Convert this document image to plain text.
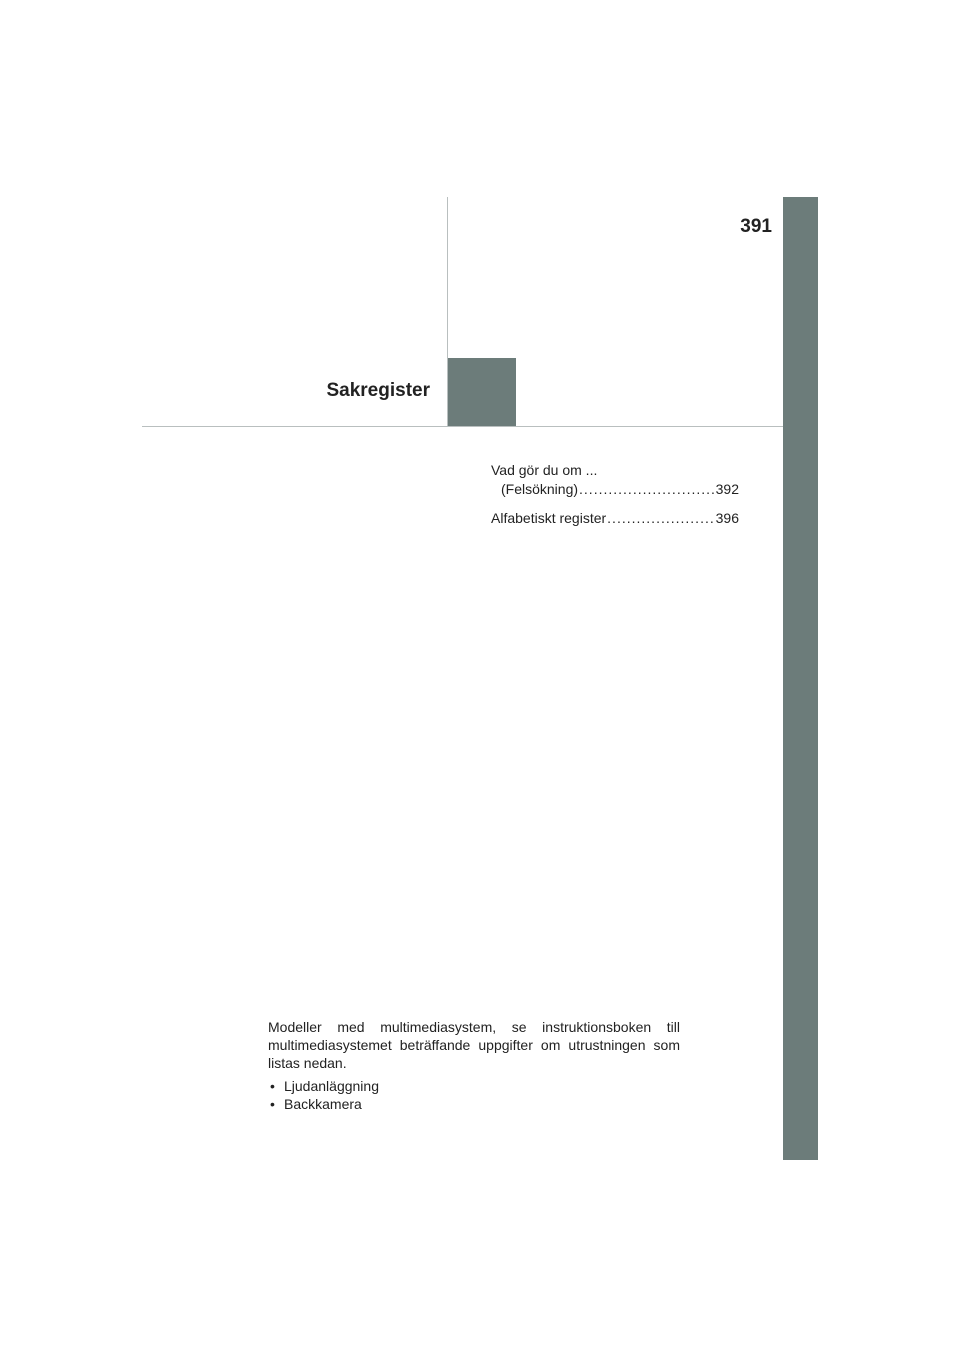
391
Sakregister
Vad gör du om ...
(Felsökning) .....	392
Alfabetiskt register .....	396

Modeller med multimediasystem, se instruktionsboken till multimediasystemet beträffande uppgifter om utrustningen som listas nedan.

• Ljudanläggning
• Backkamera
